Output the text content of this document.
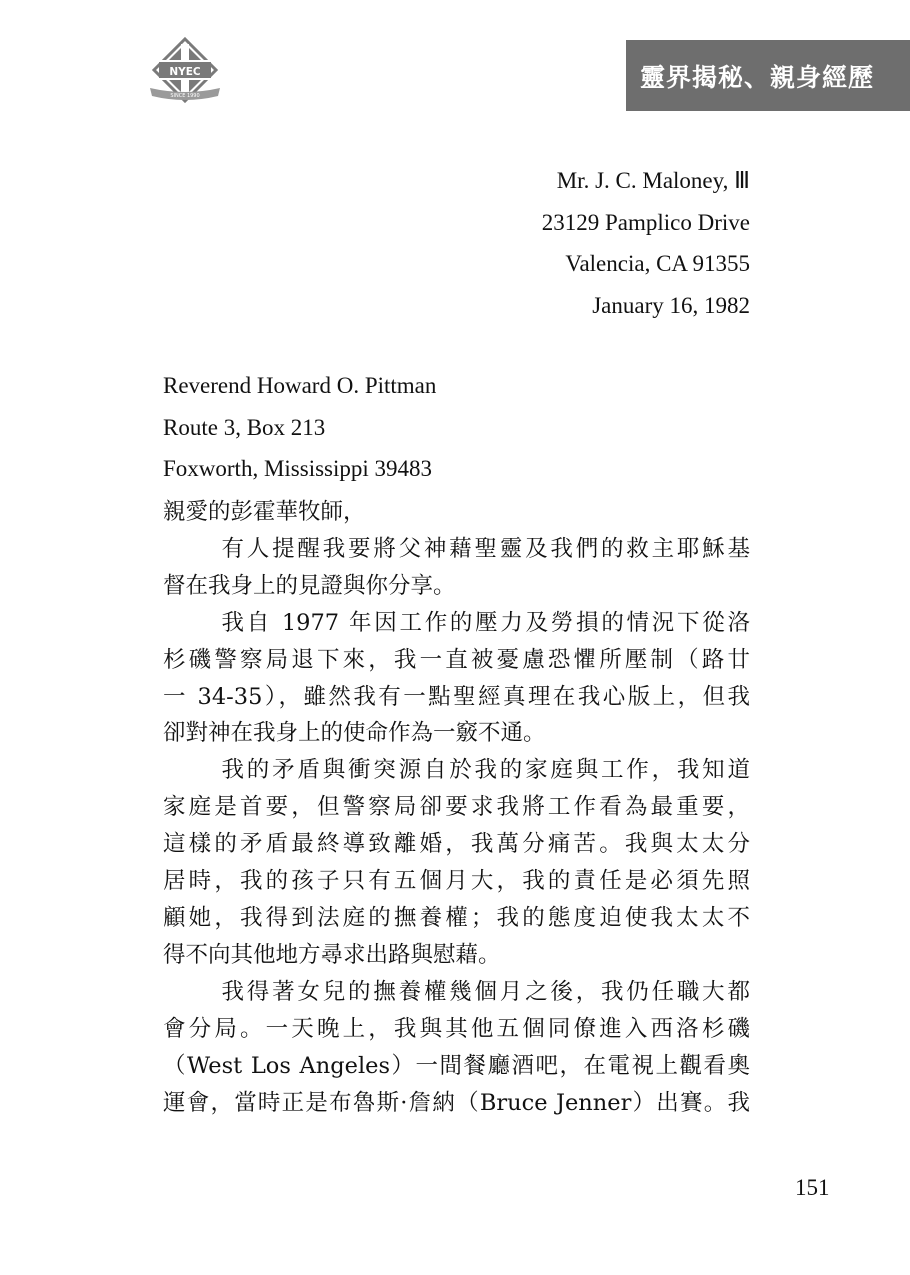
NYEC
SINCE 1990
靈界揭秘、親身經歷
Mr. J. C. Maloney, Ⅲ
23129 Pamplico Drive
Valencia, CA 91355
January 16, 1982
Reverend Howard O. Pittman
Route 3, Box 213
Foxworth, Mississippi 39483

親愛的彭霍華牧師，

有人提醒我要將父神藉聖靈及我們的救主耶穌基
督在我身上的見證與你分享。

我自 1977 年因工作的壓力及勞損的情況下從洛
杉磯警察局退下來，我一直被憂慮恐懼所壓制（路廿
一 34-35），雖然我有一點聖經真理在我心版上，但我
卻對神在我身上的使命作為一竅不通。

我的矛盾與衝突源自於我的家庭與工作，我知道
家庭是首要，但警察局卻要求我將工作看為最重要，
這樣的矛盾最終導致離婚，我萬分痛苦。我與太太分
居時，我的孩子只有五個月大，我的責任是必須先照
顧她，我得到法庭的撫養權；我的態度迫使我太太不
得不向其他地方尋求出路與慰藉。

我得著女兒的撫養權幾個月之後，我仍任職大都
會分局。一天晚上，我與其他五個同僚進入西洛杉磯
（West Los Angeles）一間餐廳酒吧，在電視上觀看奧
運會，當時正是布魯斯·詹納（Bruce Jenner）出賽。我

151
